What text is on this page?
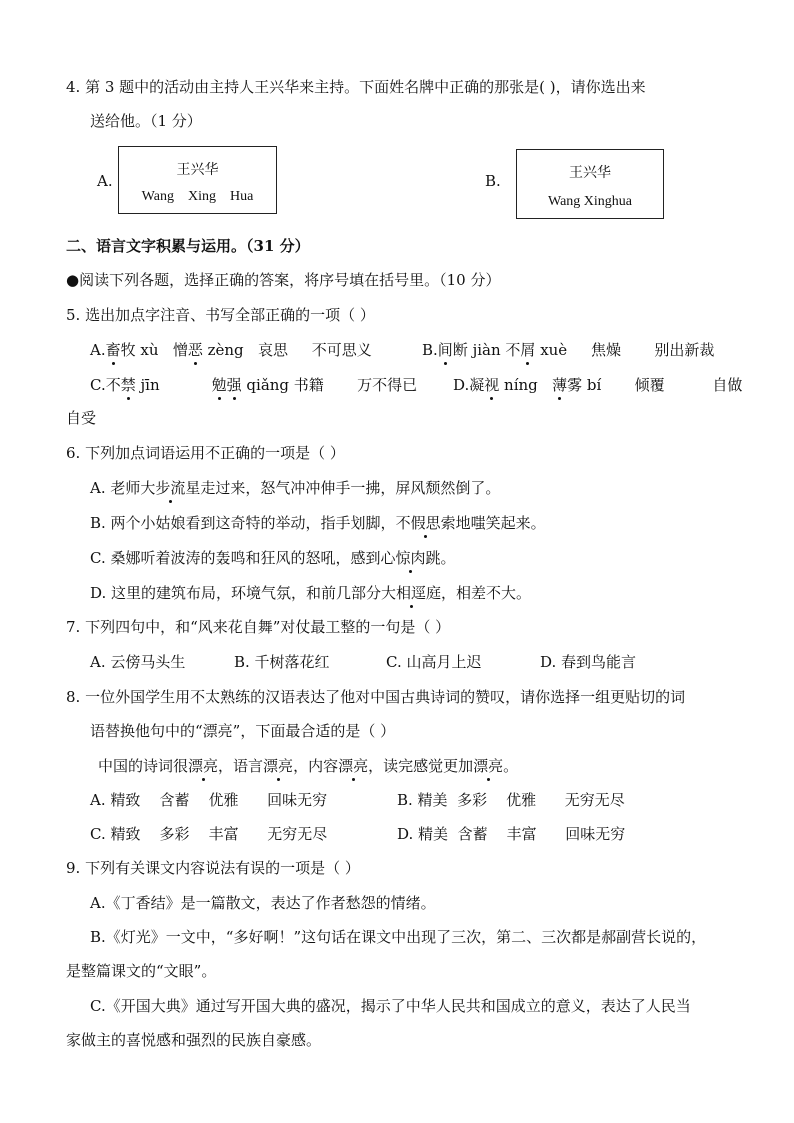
4. 第 3 题中的活动由主持人王兴华来主持。下面姓名牌中正确的那张是( )，请你选出来
送给他。（1 分）
A.
王兴华
Wang    Xing    Hua
B.	王兴华
Wang Xinghua
二、语言文字积累与运用。（31 分）
●阅读下列各题，选择正确的答案，将序号填在括号里。（10 分）
5. 选出加点字注音、书写全部正确的一项（ ）
A.畜牧 xù   憎恶 zèng   哀思     不可思义	B.间断 jiàn 不屑 xuè     焦燥       别出新裁
C.不禁 jīn	勉强 qiǎng 书籍       万不得已 D.凝视 níng   薄雾 bí       倾覆          自做
自受
6. 下列加点词语运用不正确的一项是（ ）
A. 老师大步流星走过来，怒气冲冲伸手一拂，屏风颓然倒了。
B. 两个小姑娘看到这奇特的举动，指手划脚，不假思索地嗤笑起来。
C. 桑娜听着波涛的轰鸣和狂风的怒吼，感到心惊肉跳。
D. 这里的建筑布局，环境气氛，和前几部分大相逕庭，相差不大。
7. 下列四句中，和“风来花自舞”对仗最工整的一句是（ ）
A. 云傍马头生	B. 千树落花红	C. 山高月上迟	D. 春到鸟能言
8. 一位外国学生用不太熟练的汉语表达了他对中国古典诗词的赞叹，请你选择一组更贴切的词
语替换他句中的“漂亮”，下面最合适的是（ ）
中国的诗词很漂亮，语言漂亮，内容漂亮，读完感觉更加漂亮。
A. 精致    含蓄    优雅      回味无穷	B. 精美  多彩    优雅      无穷无尽
C. 精致    多彩    丰富      无穷无尽	D. 精美  含蓄    丰富      回味无穷
9. 下列有关课文内容说法有误的一项是（ ）
A.《丁香结》是一篇散文，表达了作者愁怨的情绪。
B.《灯光》一文中，“多好啊！”这句话在课文中出现了三次，第二、三次都是郝副营长说的，
是整篇课文的“文眼”。
C.《开国大典》通过写开国大典的盛况，揭示了中华人民共和国成立的意义，表达了人民当
家做主的喜悦感和强烈的民族自豪感。
